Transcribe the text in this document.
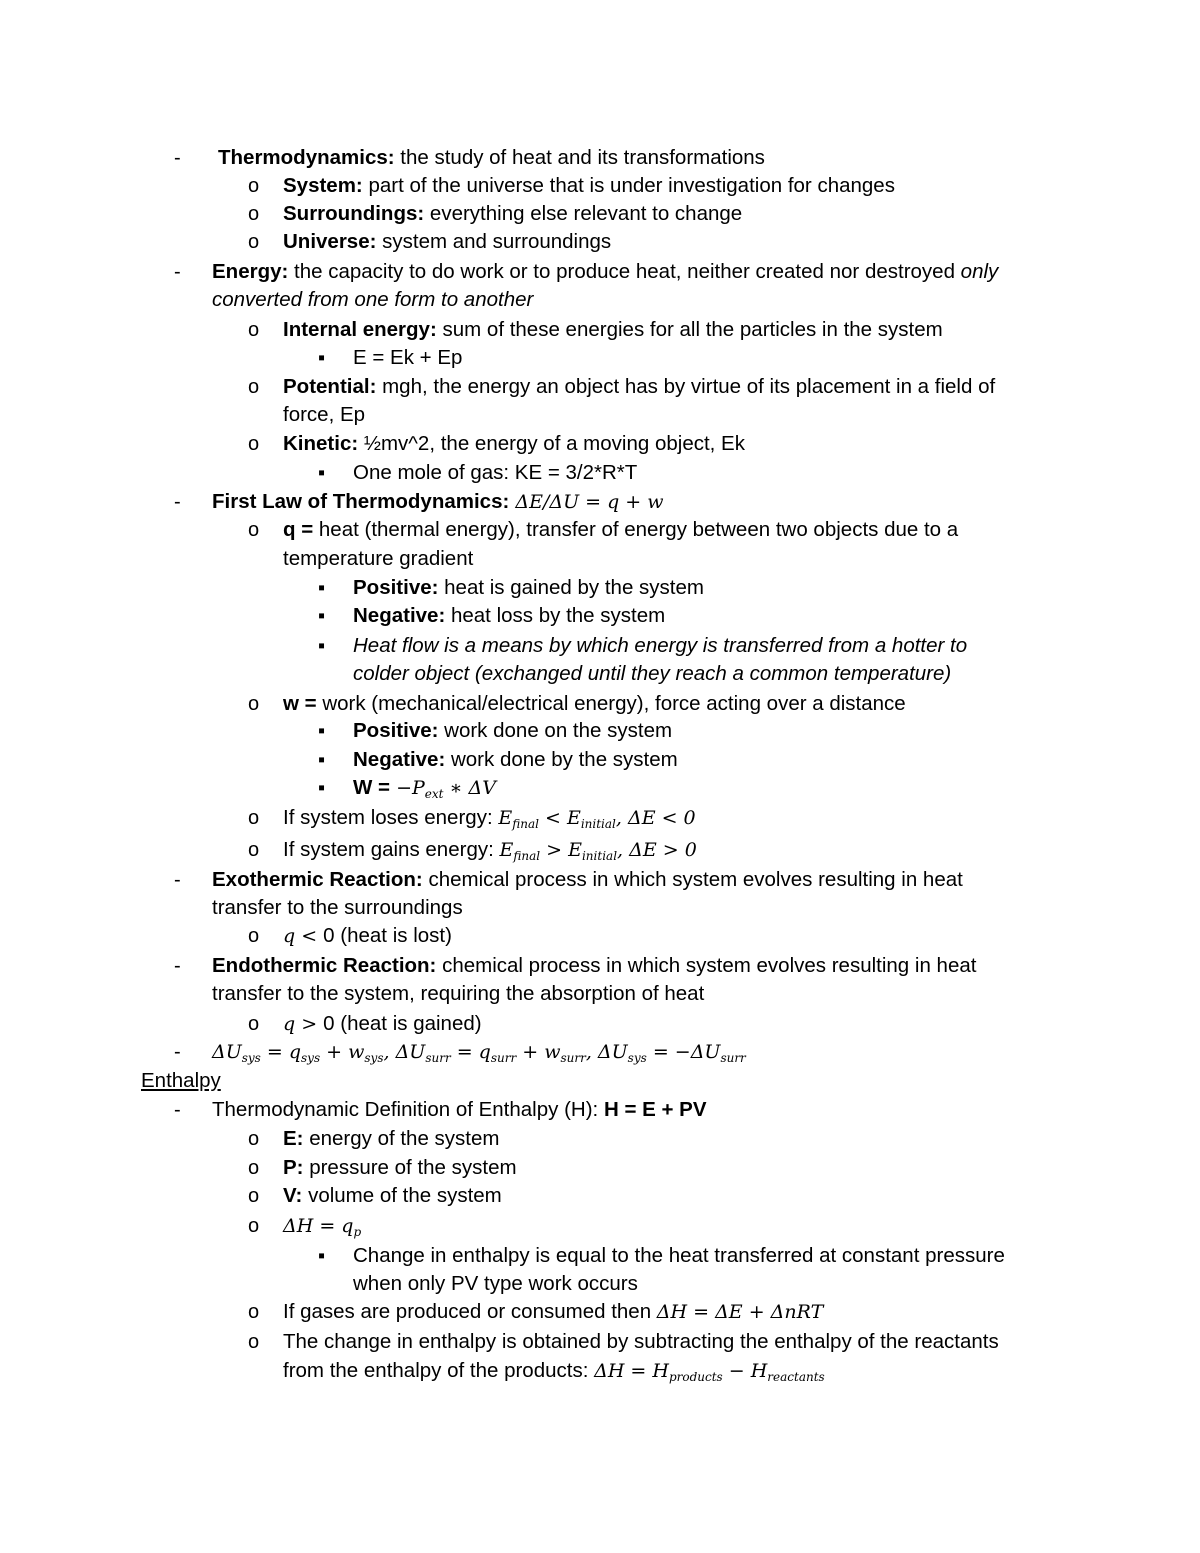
-
o
o
o
-
o
▪
o
o
▪
-
o
▪
▪
▪
o
▪
▪
▪
o
o
-
o
-
o
-
-
o
o
o
o
▪
o
o
Thermodynamics: the study of heat and its transformations
System: part of the universe that is under investigation for changes
Surroundings: everything else relevant to change
Universe: system and surroundings
Energy: the capacity to do work or to produce heat, neither created nor destroyed only
converted from one form to another
Internal energy: sum of these energies for all the particles in the system
E = Ek + Ep
Potential: mgh, the energy an object has by virtue of its placement in a field of
force, Ep
Kinetic: ½mv^2, the energy of a moving object, Ek
One mole of gas: KE = 3/2*R*T
First Law of Thermodynamics: ΔE/ΔU = q + w
q = heat (thermal energy), transfer of energy between two objects due to a
temperature gradient
Positive: heat is gained by the system
Negative: heat loss by the system
Heat flow is a means by which energy is transferred from a hotter to
colder object (exchanged until they reach a common temperature)
w = work (mechanical/electrical energy), force acting over a distance
Positive: work done on the system
Negative: work done by the system
$W = -P_{ext}$ ∗ ΔV
If system loses energy: $E_{final} < E_{initial}$, ΔE < 0
If system gains energy: $E_{final} > E_{initial}$, ΔE > 0
Exothermic Reaction: chemical process in which system evolves resulting in heat
transfer to the surroundings
q < 0 (heat is lost)
Endothermic Reaction: chemical process in which system evolves resulting in heat
transfer to the system, requiring the absorption of heat
q > 0 (heat is gained)
$\Delta U_{sys} = q_{sys} + w_{sys}$, $\Delta U_{surr} = q_{surr} + w_{surr}$, $\Delta U_{sys} = -\Delta U_{surr}$
Enthalpy
Thermodynamic Definition of Enthalpy (H): H = E + PV
E: energy of the system
P: pressure of the system
V: volume of the system
$\Delta H = q_p$
Change in enthalpy is equal to the heat transferred at constant pressure
when only PV type work occurs
If gases are produced or consumed then ΔH = ΔE + ΔnRT
The change in enthalpy is obtained by subtracting the enthalpy of the reactants
from the enthalpy of the products: $\Delta H = H_{products} - H_{reactants}$
